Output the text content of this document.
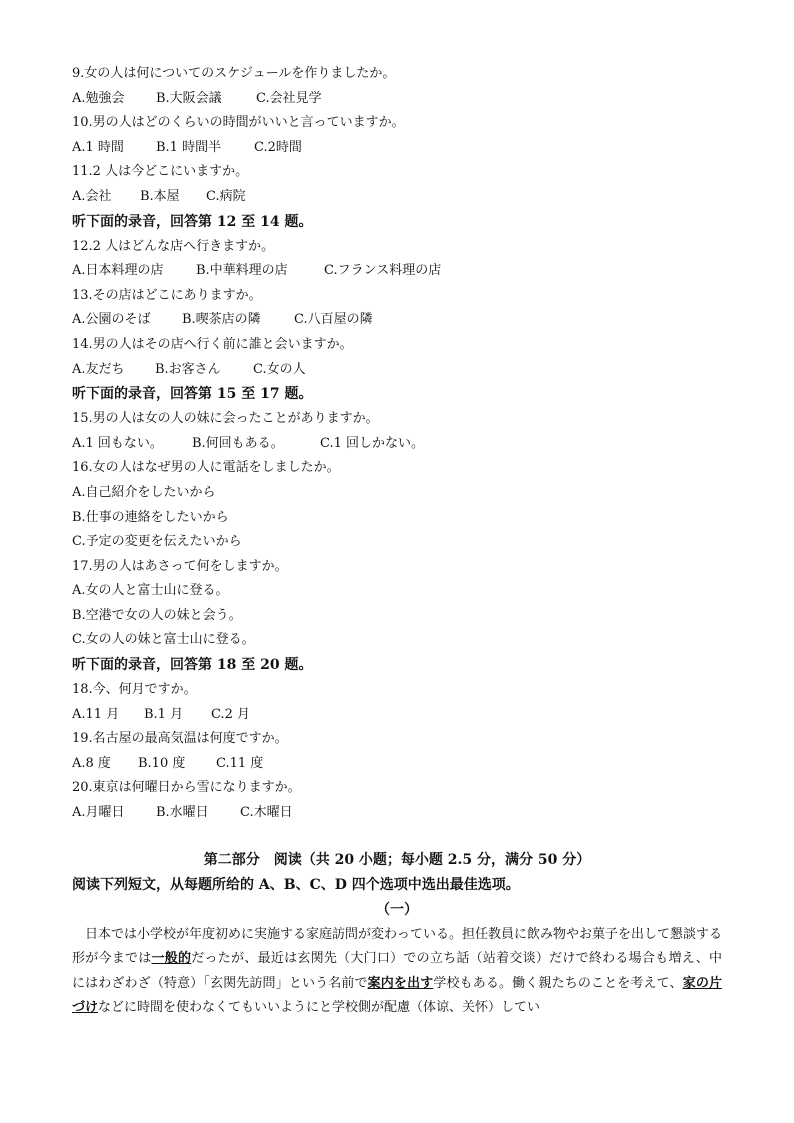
9.女の人は何についてのスケジュールを作りましたか。
A.勉強会 B.大阪会議	C.会社見学
10.男の人はどのくらいの時間がいいと言っていますか。
A.1 時間 B.1 時間半	C.2時間
11.2 人は今どこにいますか。
A.会社 B.本屋 C.病院
听下面的录音，回答第 12 至 14 题。
12.2 人はどんな店へ行きますか。
A.日本料理の店 B.中華料理の店	C.フランス料理の店
13.その店はどこにありますか。
A.公園のそば B.喫茶店の隣	C.八百屋の隣
14.男の人はその店へ行く前に誰と会いますか。
A.友だち B.お客さん C.女の人
听下面的录音，回答第 15 至 17 题。
15.男の人は女の人の妹に会ったことがありますか。
A.1 回もない。 B.何回もある。	C.1 回しかない。
16.女の人はなぜ男の人に電話をしましたか。
A.自己紹介をしたいから
B.仕事の連絡をしたいから
C.予定の変更を伝えたいから
17.男の人はあさって何をしますか。
A.女の人と富士山に登る。
B.空港で女の人の妹と会う。
C.女の人の妹と富士山に登る。
听下面的录音，回答第 18 至 20 题。
18.今、何月ですか。
A.11 月 B.1 月 C.2 月
19.名古屋の最高気温は何度ですか。
A.8 度 B.10 度 C.11 度
20.東京は何曜日から雪になりますか。
A.月曜日 B.水曜日 C.木曜日
第二部分　阅读（共 20 小题；每小题 2.5 分，满分 50 分）
阅读下列短文，从每题所给的 A、B、C、D 四个选项中选出最佳选项。
（一）
日本では小学校が年度初めに実施する家庭訪問が変わっている。担任教員に飲み物やお菓子を出して懇談する形が今までは一般的だったが、最近は玄関先（大门口）での立ち話（站着交谈）だけで終わる場合も増え、中にはわざわざ（特意）「玄関先訪問」という名前で案内を出す学校もある。働く親たちのことを考えて、家の片づけなどに時間を使わなくてもいいようにと学校側が配慮（体谅、关怀）してい
